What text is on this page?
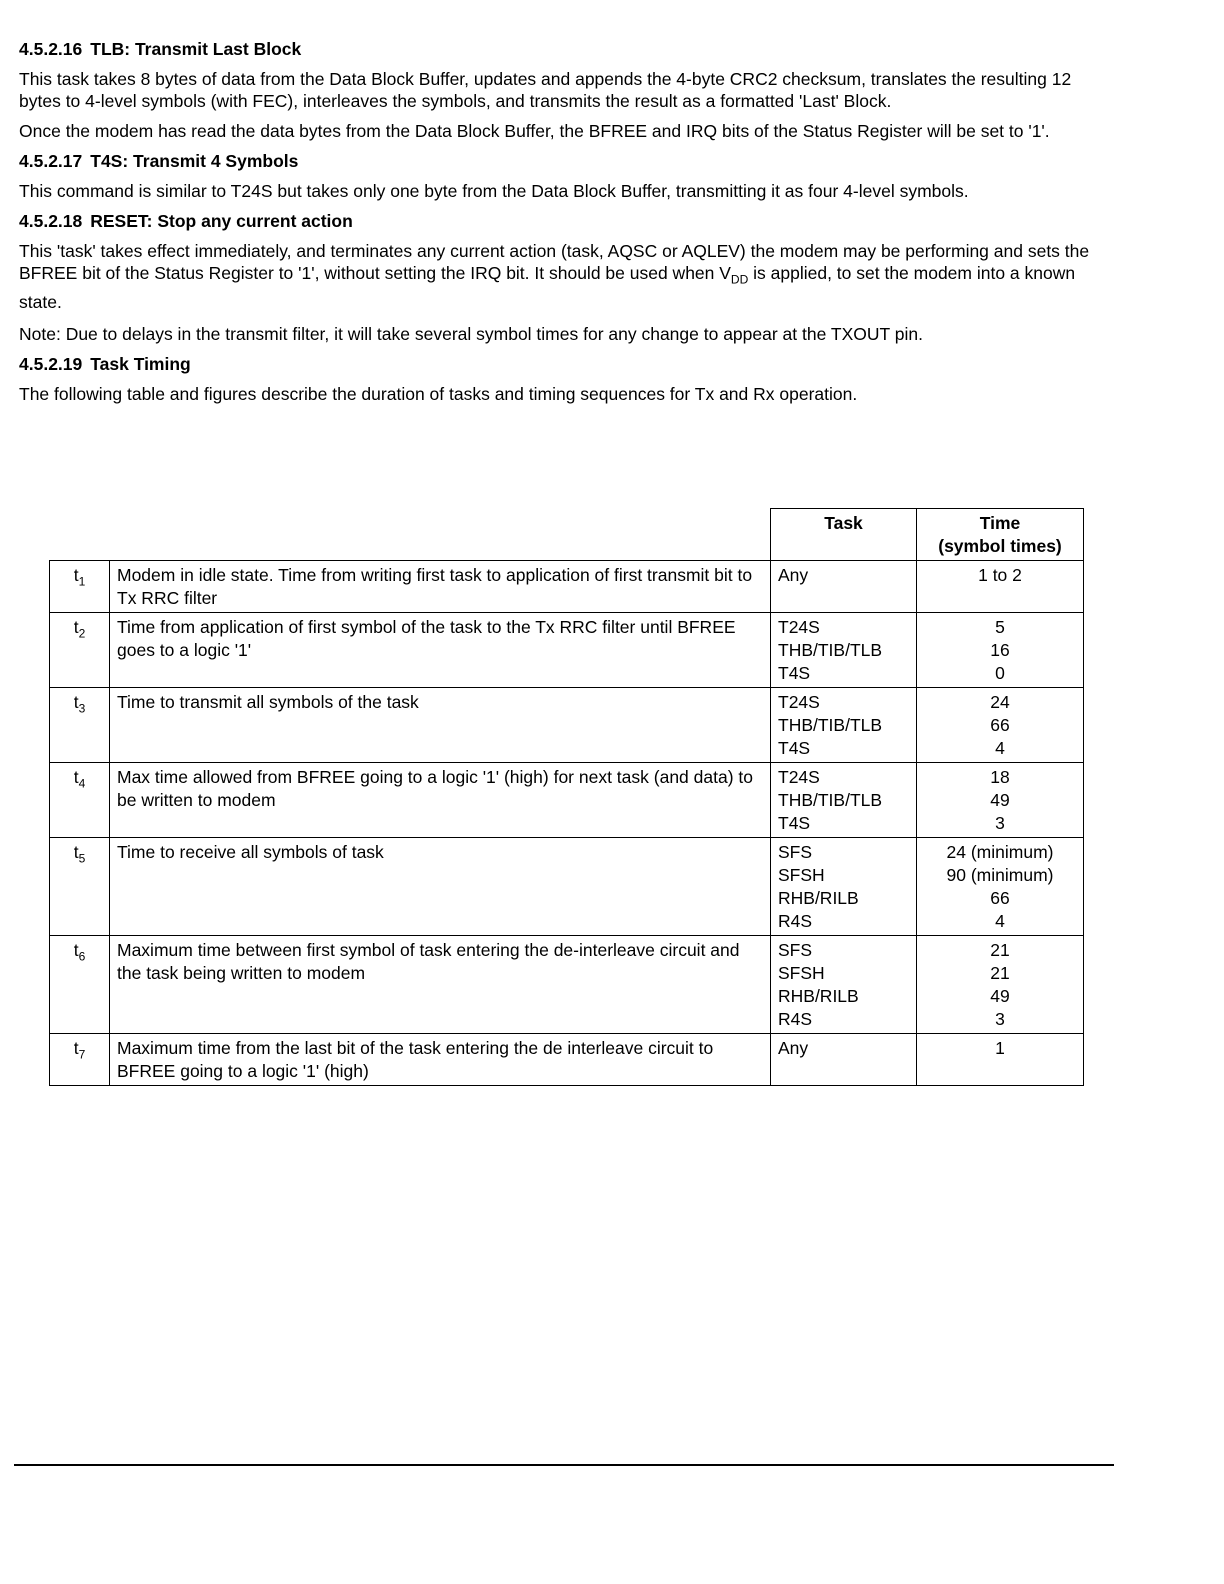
4.5.2.16 TLB: Transmit Last Block

This task takes 8 bytes of data from the Data Block Buffer, updates and appends the 4-byte CRC2 checksum, translates the resulting 12 bytes to 4-level symbols (with FEC), interleaves the symbols, and transmits the result as a formatted 'Last' Block.

Once the modem has read the data bytes from the Data Block Buffer, the BFREE and IRQ bits of the Status Register will be set to '1'.

4.5.2.17 T4S: Transmit 4 Symbols

This command is similar to T24S but takes only one byte from the Data Block Buffer, transmitting it as four 4-level symbols.

4.5.2.18 RESET: Stop any current action

This 'task' takes effect immediately, and terminates any current action (task, AQSC or AQLEV) the modem may be performing and sets the BFREE bit of the Status Register to '1', without setting the IRQ bit. It should be used when $V_{DD}$ is applied, to set the modem into a known state.

Note: Due to delays in the transmit filter, it will take several symbol times for any change to appear at the TXOUT pin.

4.5.2.19 Task Timing

The following table and figures describe the duration of tasks and timing sequences for Tx and Rx operation.

		Task	Time
(symbol times)

$t_1$	Modem in idle state. Time from writing first task to application of first transmit bit to Tx RRC filter	Any	1 to 2

$t_2$	Time from application of first symbol of the task to the Tx RRC filter until BFREE goes to a logic '1'	T24S
THB/TIB/TLB
T4S	5
16
0

$t_3$	Time to transmit all symbols of the task	T24S
THB/TIB/TLB
T4S	24
66
4

$t_4$	Max time allowed from BFREE going to a logic '1' (high) for next task (and data) to be written to modem	T24S
THB/TIB/TLB
T4S	18
49
3

$t_5$	Time to receive all symbols of task	SFS
SFSH
RHB/RILB
R4S	24 (minimum)
90 (minimum)
66
4

$t_6$	Maximum time between first symbol of task entering the de-interleave circuit and the task being written to modem	SFS
SFSH
RHB/RILB
R4S	21
21
49
3

$t_7$	Maximum time from the last bit of the task entering the de interleave circuit to BFREE going to a logic '1' (high)	Any	1
